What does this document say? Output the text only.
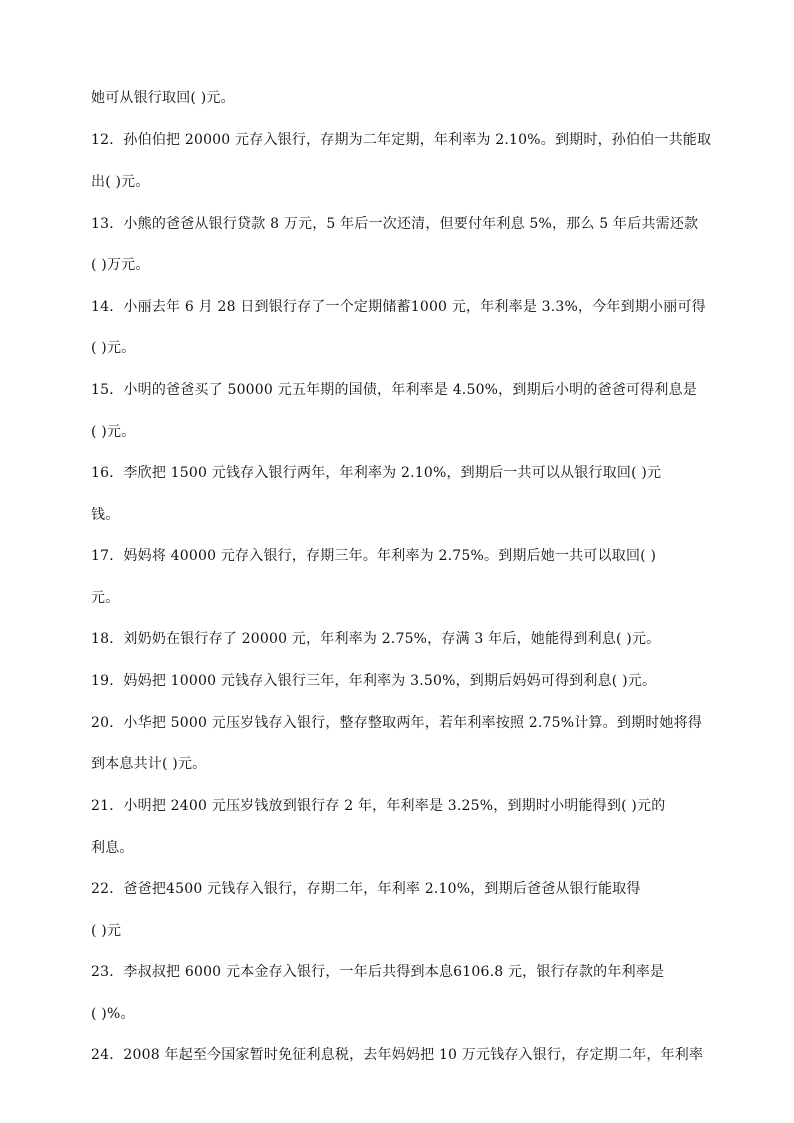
她可从银行取回( )元。
12．孙伯伯把 20000 元存入银行，存期为二年定期，年利率为 2.10%。到期时，孙伯伯一共能取
出( )元。
13．小熊的爸爸从银行贷款 8 万元，5 年后一次还清，但要付年利息 5%，那么 5 年后共需还款
( )万元。
14．小丽去年 6 月 28 日到银行存了一个定期储蓄1000 元，年利率是 3.3%，今年到期小丽可得
( )元。
15．小明的爸爸买了 50000 元五年期的国债，年利率是 4.50%，到期后小明的爸爸可得利息是
( )元。
16．李欣把 1500 元钱存入银行两年，年利率为 2.10%，到期后一共可以从银行取回( )元
钱。
17．妈妈将 40000 元存入银行，存期三年。年利率为 2.75%。到期后她一共可以取回( )
元。
18．刘奶奶在银行存了 20000 元，年利率为 2.75%，存满 3 年后，她能得到利息( )元。
19．妈妈把 10000 元钱存入银行三年，年利率为 3.50%，到期后妈妈可得到利息( )元。
20．小华把 5000 元压岁钱存入银行，整存整取两年，若年利率按照 2.75%计算。到期时她将得
到本息共计( )元。
21．小明把 2400 元压岁钱放到银行存 2 年，年利率是 3.25%，到期时小明能得到( )元的
利息。
22．爸爸把4500 元钱存入银行，存期二年，年利率 2.10%，到期后爸爸从银行能取得
( )元
23．李叔叔把 6000 元本金存入银行，一年后共得到本息6106.8 元，银行存款的年利率是
( )%。
24．2008 年起至今国家暂时免征利息税，去年妈妈把 10 万元钱存入银行，存定期二年，年利率
